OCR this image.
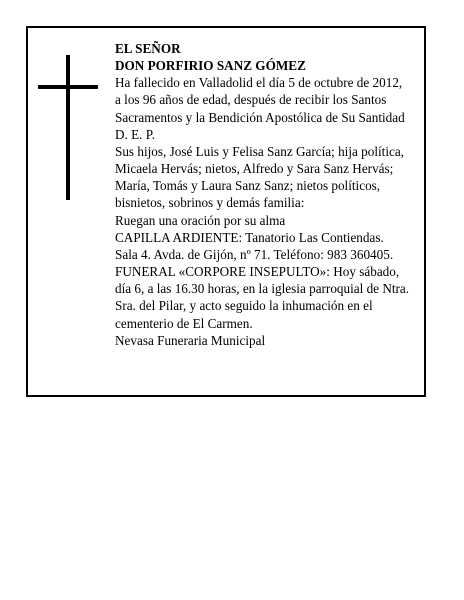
EL SEÑOR
DON PORFIRIO SANZ GÓMEZ
Ha fallecido en Valladolid el día 5 de octubre de 2012,
a los 96 años de edad, después de recibir los Santos
Sacramentos y la Bendición Apostólica de Su Santidad
D. E. P.
Sus hijos, José Luis y Felisa Sanz García; hija política,
Micaela Hervás; nietos, Alfredo y Sara Sanz Hervás;
María, Tomás y Laura Sanz Sanz; nietos políticos,
bisnietos, sobrinos y demás familia:
Ruegan una oración por su alma
CAPILLA ARDIENTE: Tanatorio Las Contiendas.
Sala 4. Avda. de Gijón, nº 71. Teléfono: 983 360405.
FUNERAL «CORPORE INSEPULTO»: Hoy sábado,
día 6, a las 16.30 horas, en la iglesia parroquial de Ntra.
Sra. del Pilar, y acto seguido la inhumación en el
cementerio de El Carmen.
Nevasa Funeraria Municipal
